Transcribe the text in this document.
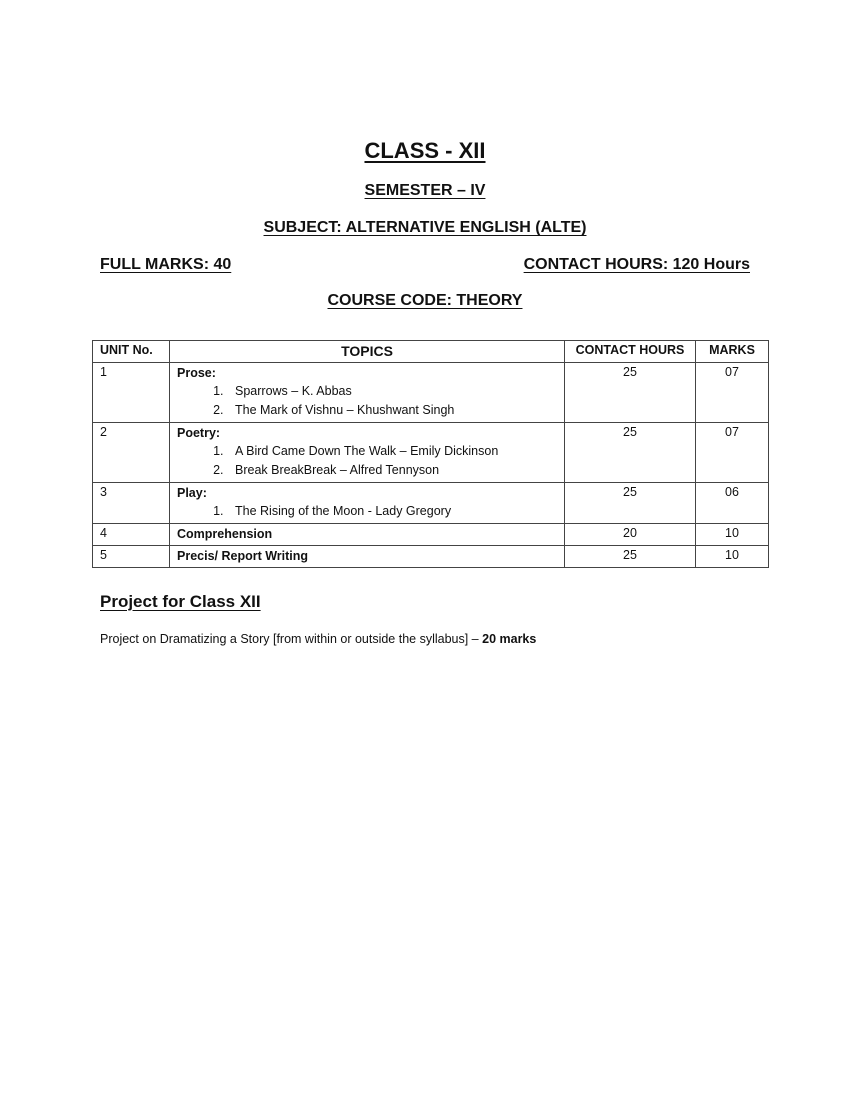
CLASS - XII
SEMESTER – IV
SUBJECT: ALTERNATIVE ENGLISH (ALTE)
FULL MARKS: 40	CONTACT HOURS: 120 Hours
COURSE CODE: THEORY
UNIT No.	TOPICS	CONTACT HOURS	MARKS
1	Prose:
1. Sparrows – K. Abbas
2. The Mark of Vishnu – Khushwant Singh
	25	07
2	Poetry:
1. A Bird Came Down The Walk – Emily Dickinson
2. Break BreakBreak – Alfred Tennyson
	25	07
3	Play:
1. The Rising of the Moon - Lady Gregory
	25	06
4	Comprehension	20	10
5	Precis/ Report Writing	25	10
Project for Class XII
Project on Dramatizing a Story [from within or outside the syllabus] – 20 marks
